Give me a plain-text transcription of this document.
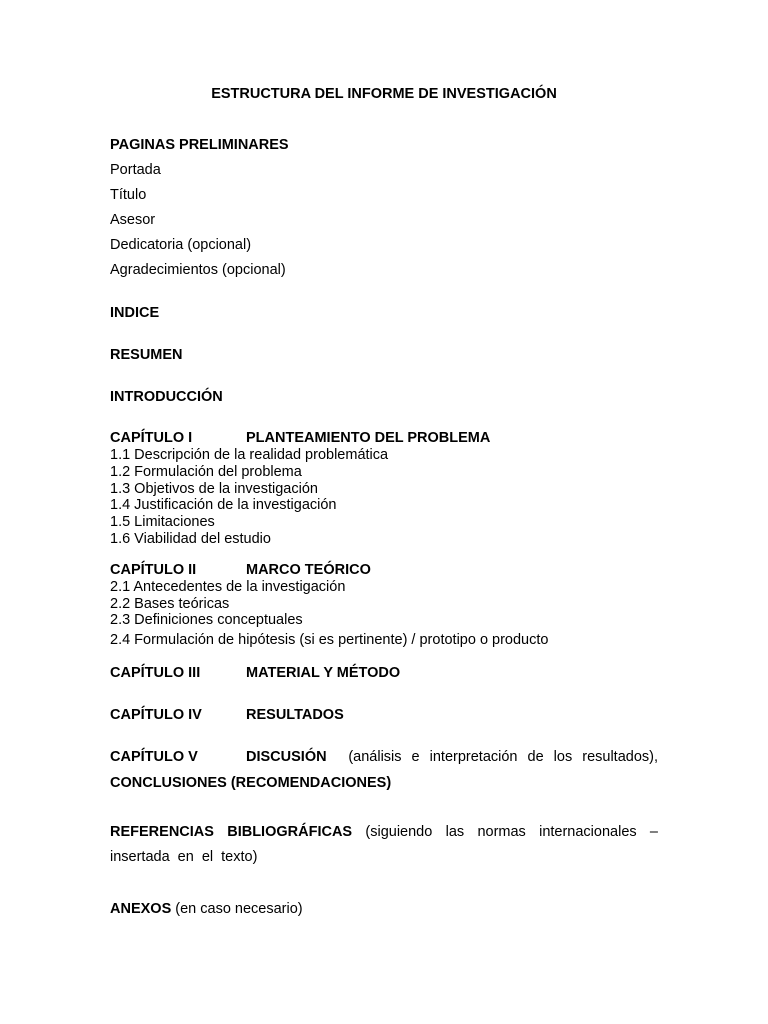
ESTRUCTURA DEL INFORME DE INVESTIGACIÓN
PAGINAS PRELIMINARES
Portada
Título
Asesor
Dedicatoria (opcional)
Agradecimientos (opcional)
INDICE
RESUMEN
INTRODUCCIÓN
CAPÍTULO I	PLANTEAMIENTO DEL PROBLEMA
1.1 Descripción de la realidad problemática
1.2 Formulación del problema
1.3 Objetivos de la investigación
1.4 Justificación de la investigación
1.5 Limitaciones
1.6 Viabilidad del estudio
CAPÍTULO II	MARCO TEÓRICO
2.1 Antecedentes de la investigación
2.2 Bases teóricas
2.3 Definiciones conceptuales
2.4 Formulación de hipótesis (si es pertinente) / prototipo o producto
CAPÍTULO III	MATERIAL Y MÉTODO
CAPÍTULO IV	RESULTADOS
CAPÍTULO V	DISCUSIÓN (análisis e interpretación de los resultados),
CONCLUSIONES (RECOMENDACIONES)
REFERENCIAS BIBLIOGRÁFICAS (siguiendo las normas internacionales – insertada en el texto)
ANEXOS (en caso necesario)
